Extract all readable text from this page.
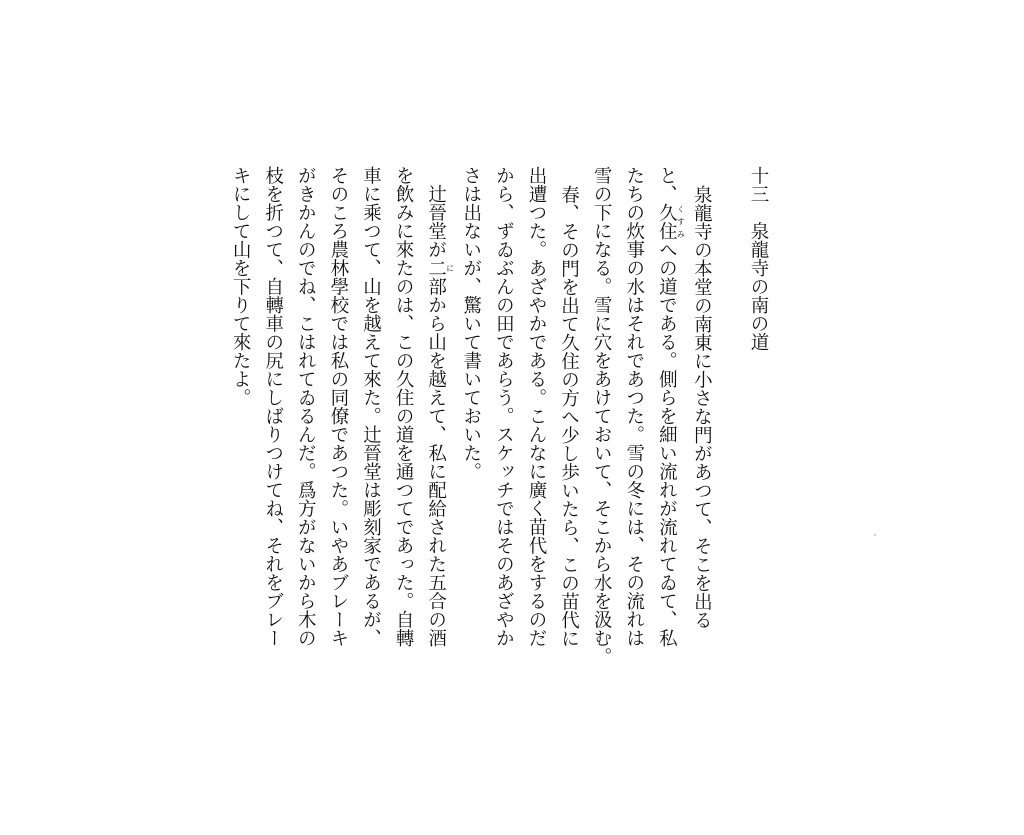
十三　泉龍寺の南の道
泉龍寺の本堂の南東に小さな門があつて、そこを出る
と、久住 くすみへの道である。側らを細い流れが流れてゐて、私
たちの炊事の水はそれであつた。雪の冬には、その流れは
雪の下になる。雪に穴をあけておいて、そこから水を汲む。
春、その門を出て久住の方へ少し歩いたら、この苗代に
出遭つた。あざやかである。こんなに廣く苗代をするのだ
から、ずゐぶんの田であらう。スケッチではそのあざやか
さは出ないが、驚いて書いておいた。
　辻晉堂が二 に部から山を越えて、私に配給された五合の酒
を飲みに來たのは、この久住の道を通つてであった。自轉
車に乘つて、山を越えて來た。辻晉堂は彫刻家であるが、
そのころ農林學校では私の同僚であつた。いやあブレーキ
がきかんのでね、こはれてゐるんだ。爲方がないから木の
枝を折つて、自轉車の尻にしばりつけてね、それをブレー
キにして山を下りて來たよ。
